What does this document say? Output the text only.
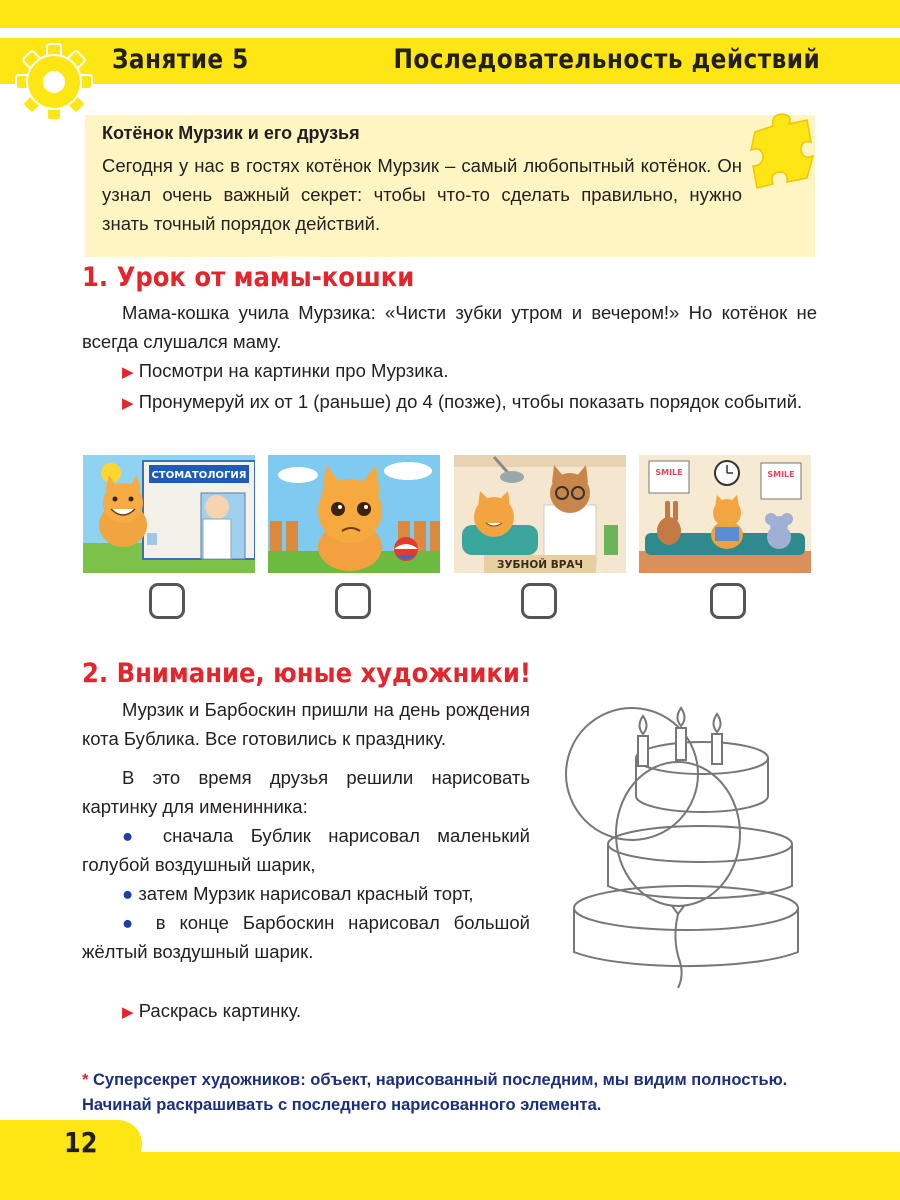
Занятие 5	Последовательность действий
Котёнок Мурзик и его друзья
Сегодня у нас в гостях котёнок Мурзик – самый любопытный котёнок. Он узнал очень важный секрет: чтобы что-то сделать правильно, нужно знать точный порядок действий.
1. Урок от мамы-кошки

Мама-кошка учила Мурзика: «Чисти зубки утром и вечером!» Но котёнок не всегда слушался маму.

▶ Посмотри на картинки про Мурзика.

▶ Пронумеруй их от 1 (раньше) до 4 (позже), чтобы показать порядок событий.

СТОМАТОЛОГИЯ
ЗУБНОЙ ВРАЧ
SMILE	SMILE
2. Внимание, юные художники!

Мурзик и Барбоскин пришли на день рождения кота Бублика. Все готовились к празднику.

В это время друзья решили нарисовать картинку для именинника:

● сначала Бублик нарисовал маленький голубой воздушный шарик,

● затем Мурзик нарисовал красный торт,

● в конце Барбоскин нарисовал большой жёлтый воздушный шарик.

▶ Раскрась картинку.

* Суперсекрет художников: объект, нарисованный последним, мы видим полностью. Начинай раскрашивать с последнего нарисованного элемента.
12
